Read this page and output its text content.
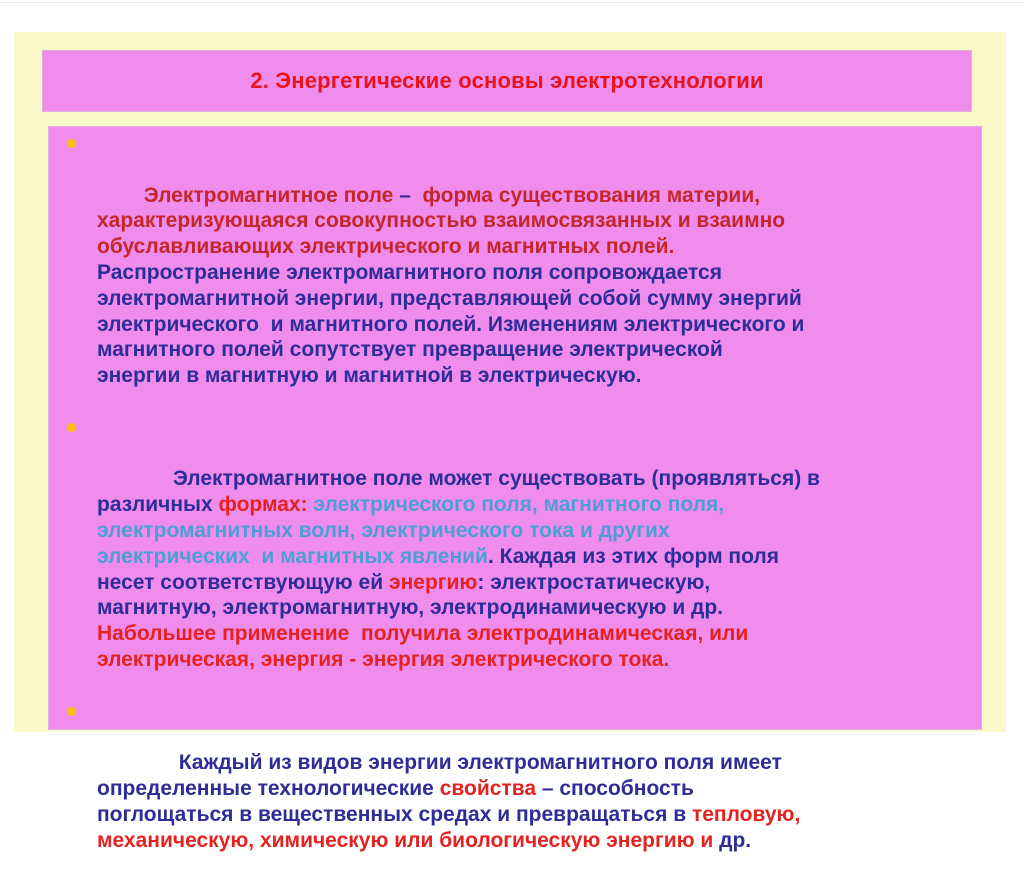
2. Энергетические основы электротехнологии

Электромагнитное поле –  форма существования материи,
характеризующаяся совокупностью взаимосвязанных и взаимно
обуславливающих электрического и магнитных полей.
Распространение электромагнитного поля сопровождается
электромагнитной энергии, представляющей собой сумму энергий
электрического  и магнитного полей. Изменениям электрического и
магнитного полей сопутствует превращение электрической
энергии в магнитную и магнитной в электрическую.

Электромагнитное поле может существовать (проявляться) в
различных формах: электрического поля, магнитного поля,
электромагнитных волн, электрического тока и других
электрических  и магнитных явлений. Каждая из этих форм поля
несет соответствующую ей энергию: электростатическую,
магнитную, электромагнитную, электродинамическую и др.
Набольшее применение  получила электродинамическая, или
электрическая, энергия - энергия электрического тока.

Каждый из видов энергии электромагнитного поля имеет
определенные технологические свойства – способность
поглощаться в вещественных средах и превращаться в тепловую,
механическую, химическую или биологическую энергию и др.
